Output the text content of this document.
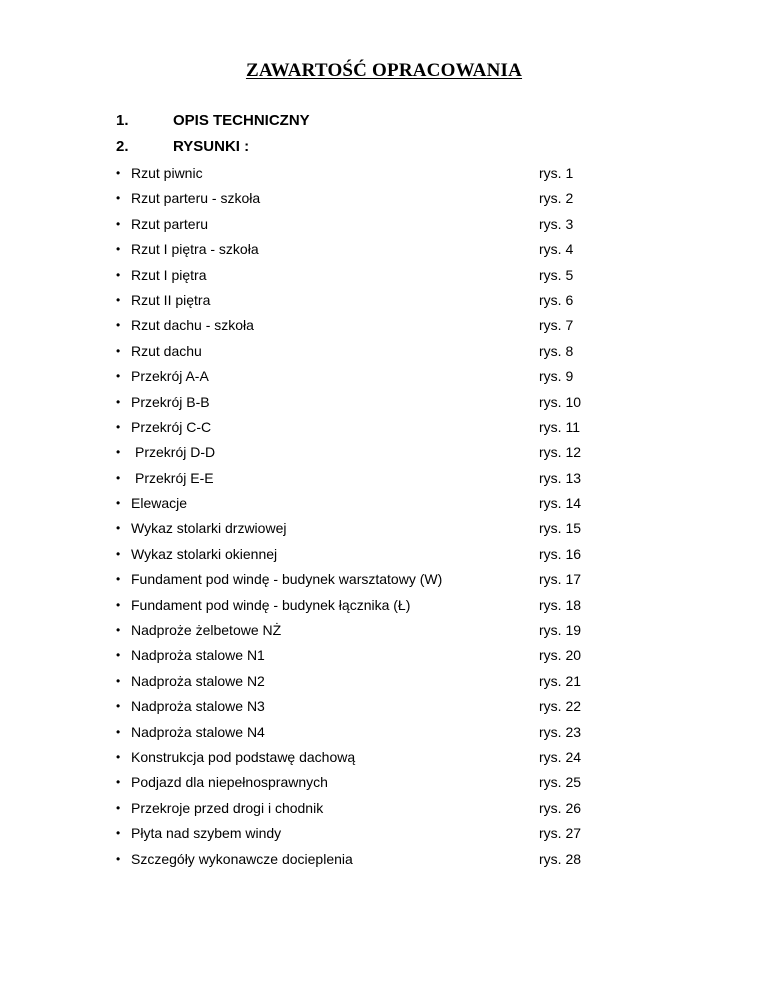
ZAWARTOŚĆ OPRACOWANIA
1.	OPIS TECHNICZNY
2.	RYSUNKI :
• Rzut piwnic	rys. 1
• Rzut parteru - szkoła	rys. 2
• Rzut parteru	rys. 3
• Rzut I piętra - szkoła	rys. 4
• Rzut I piętra	rys. 5
• Rzut II piętra	rys. 6
• Rzut dachu - szkoła	rys. 7
• Rzut dachu	rys. 8
• Przekrój A-A	rys. 9
• Przekrój B-B	rys. 10
• Przekrój C-C	rys. 11
•	Przekrój D-D	rys. 12
•	Przekrój E-E	rys. 13
• Elewacje	rys. 14
• Wykaz stolarki drzwiowej	rys. 15
• Wykaz stolarki okiennej	rys. 16
• Fundament pod windę - budynek warsztatowy (W)	rys. 17
• Fundament pod windę - budynek łącznika (Ł)	rys. 18
• Nadproże żelbetowe NŻ	rys. 19
• Nadproża stalowe N1	rys. 20
• Nadproża stalowe N2	rys. 21
• Nadproża stalowe N3	rys. 22
• Nadproża stalowe N4	rys. 23
• Konstrukcja pod podstawę dachową	rys. 24
• Podjazd dla niepełnosprawnych	rys. 25
• Przekroje przed drogi i chodnik	rys. 26
• Płyta nad szybem windy	rys. 27
• Szczegóły wykonawcze docieplenia	rys. 28
